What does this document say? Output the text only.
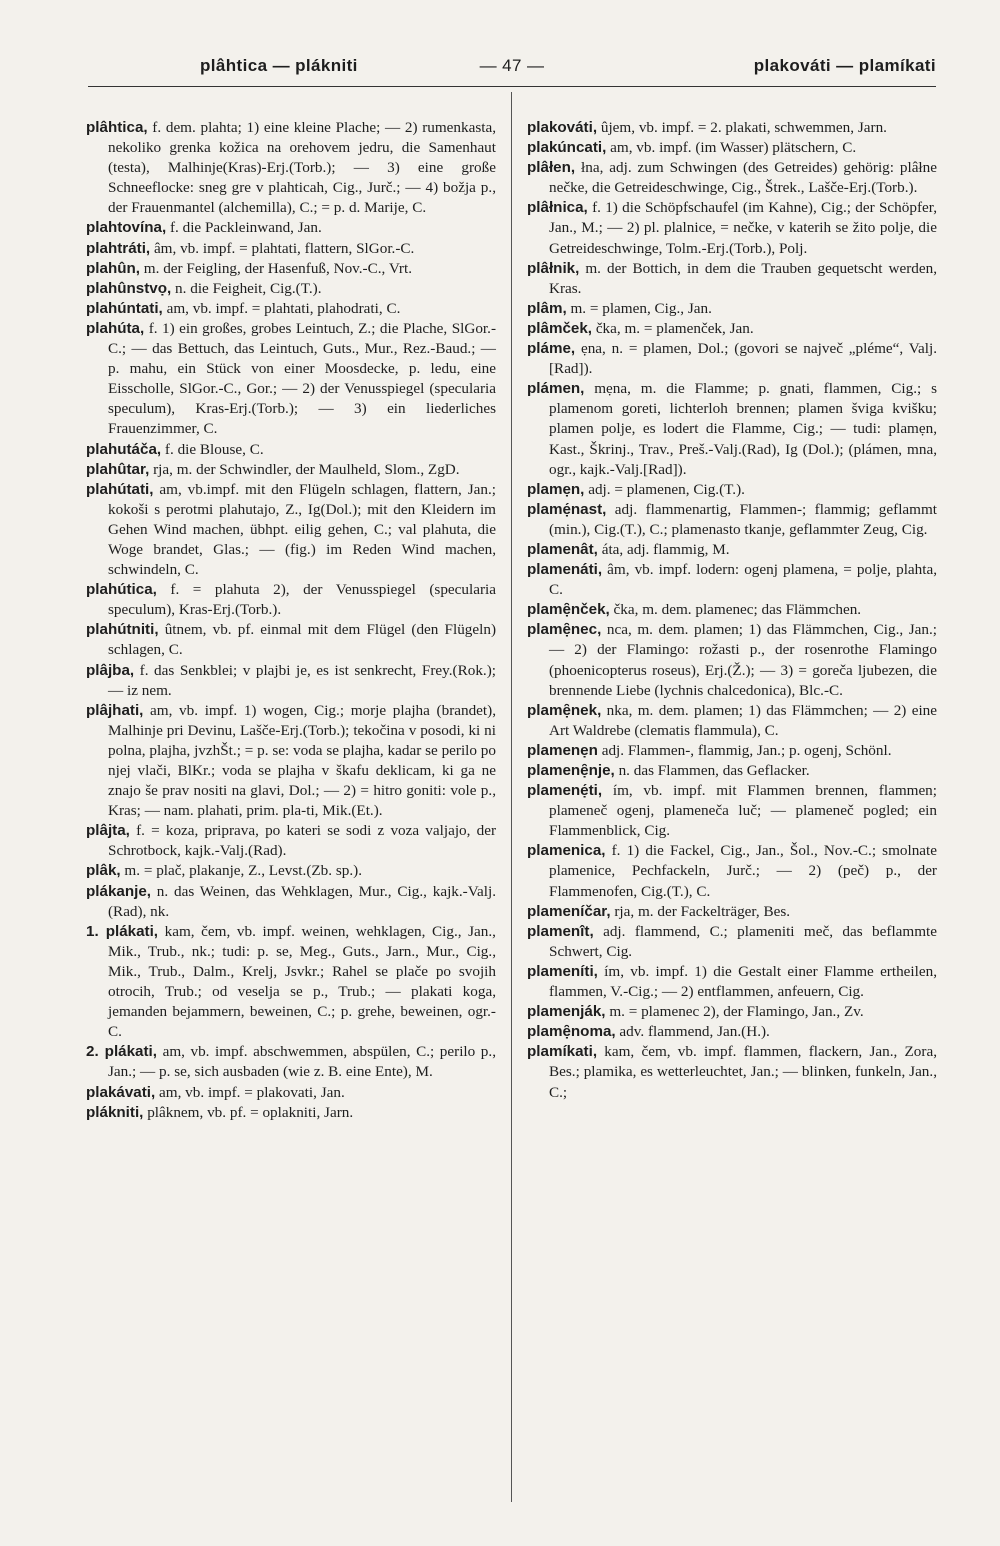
plâhtica — plákniti	— 47 —	plakováti — plamíkati

plâhtica, f. dem. plahta; 1) eine kleine Plache; — 2) rumenkasta, nekoliko grenka kožica na orehovem jedru, die Samenhaut (testa), Malhinje(Kras)-Erj.(Torb.); — 3) eine große Schneeflocke: sneg gre v plahticah, Cig., Jurč.; — 4) božja p., der Frauenmantel (alchemilla), C.; = p. d. Marije, C.

plahtovína, f. die Packleinwand, Jan.

plahtráti, âm, vb. impf. = plahtati, flattern, SlGor.-C.

plahûn, m. der Feigling, der Hasenfuß, Nov.-C., Vrt.

plahûnstvọ, n. die Feigheit, Cig.(T.).

plahúntati, am, vb. impf. = plahtati, plahodrati, C.

plahúta, f. 1) ein großes, grobes Leintuch, Z.; die Plache, SlGor.-C.; — das Bettuch, das Leintuch, Guts., Mur., Rez.-Baud.; — p. mahu, ein Stück von einer Moosdecke, p. ledu, eine Eisscholle, SlGor.-C., Gor.; — 2) der Venusspiegel (specularia speculum), Kras-Erj.(Torb.); — 3) ein liederliches Frauenzimmer, C.

plahutáča, f. die Blouse, C.

plahûtar, rja, m. der Schwindler, der Maulheld, Slom., ZgD.

plahútati, am, vb.impf. mit den Flügeln schlagen, flattern, Jan.; kokoši s perotmi plahutajo, Z., Ig(Dol.); mit den Kleidern im Gehen Wind machen, übhpt. eilig gehen, C.; val plahuta, die Woge brandet, Glas.; — (fig.) im Reden Wind machen, schwindeln, C.

plahútica, f. = plahuta 2), der Venusspiegel (specularia speculum), Kras-Erj.(Torb.).

plahútniti, ûtnem, vb. pf. einmal mit dem Flügel (den Flügeln) schlagen, C.

plâjba, f. das Senkblei; v plajbi je, es ist senkrecht, Frey.(Rok.); — iz nem.

plâjhati, am, vb. impf. 1) wogen, Cig.; morje plajha (brandet), Malhinje pri Devinu, Lašče-Erj.(Torb.); tekočina v posodi, ki ni polna, plajha, jvzhŠt.; = p. se: voda se plajha, kadar se perilo po njej vlači, BlKr.; voda se plajha v škafu deklicam, ki ga ne znajo še prav nositi na glavi, Dol.; — 2) = hitro goniti: vole p., Kras; — nam. plahati, prim. pla-ti, Mik.(Et.).

plâjta, f. = koza, priprava, po kateri se sodi z voza valjajo, der Schrotbock, kajk.-Valj.(Rad).

plâk, m. = plač, plakanje, Z., Levst.(Zb. sp.).

plákanje, n. das Weinen, das Wehklagen, Mur., Cig., kajk.-Valj.(Rad), nk.

1. plákati, kam, čem, vb. impf. weinen, wehklagen, Cig., Jan., Mik., Trub., nk.; tudi: p. se, Meg., Guts., Jarn., Mur., Cig., Mik., Trub., Dalm., Krelj, Jsvkr.; Rahel se plače po svojih otrocih, Trub.; od veselja se p., Trub.; — plakati koga, jemanden bejammern, beweinen, C.; p. grehe, beweinen, ogr.-C.

2. plákati, am, vb. impf. abschwemmen, abspülen, C.; perilo p., Jan.; — p. se, sich ausbaden (wie z. B. eine Ente), M.

plakávati, am, vb. impf. = plakovati, Jan.

plákniti, plâknem, vb. pf. = oplakniti, Jarn.

plakováti, ûjem, vb. impf. = 2. plakati, schwemmen, Jarn.

plakúncati, am, vb. impf. (im Wasser) plätschern, C.

plâłen, łna, adj. zum Schwingen (des Getreides) gehörig: plâłne nečke, die Getreideschwinge, Cig., Štrek., Lašče-Erj.(Torb.).

plâłnica, f. 1) die Schöpfschaufel (im Kahne), Cig.; der Schöpfer, Jan., M.; — 2) pl. plalnice, = nečke, v katerih se žito polje, die Getreideschwinge, Tolm.-Erj.(Torb.), Polj.

plâłnik, m. der Bottich, in dem die Trauben gequetscht werden, Kras.

plâm, m. = plamen, Cig., Jan.

plâmček, čka, m. = plamenček, Jan.

pláme, ẹna, n. = plamen, Dol.; (govori se največ „pléme“, Valj.[Rad]).

plámen, mẹna, m. die Flamme; p. gnati, flammen, Cig.; s plamenom goreti, lichterloh brennen; plamen šviga kvišku; plamen polje, es lodert die Flamme, Cig.; — tudi: plamẹn, Kast., Škrinj., Trav., Preš.-Valj.(Rad), Ig (Dol.); (plámen, mna, ogr., kajk.-Valj.[Rad]).

plamẹn, adj. = plamenen, Cig.(T.).

plamẹ́nast, adj. flammenartig, Flammen-; flammig; geflammt (min.), Cig.(T.), C.; plamenasto tkanje, geflammter Zeug, Cig.

plamenât, áta, adj. flammig, M.

plamenáti, âm, vb. impf. lodern: ogenj plamena, = polje, plahta, C.

plamẹ̑nček, čka, m. dem. plamenec; das Flämmchen.

plamẹ̑nec, nca, m. dem. plamen; 1) das Flämmchen, Cig., Jan.; — 2) der Flamingo: rožasti p., der rosenrothe Flamingo (phoenicopterus roseus), Erj.(Ž.); — 3) = goreča ljubezen, die brennende Liebe (lychnis chalcedonica), Blc.-C.

plamẹ̑nek, nka, m. dem. plamen; 1) das Flämmchen; — 2) eine Art Waldrebe (clematis flammula), C.

plamenẹn adj. Flammen-, flammig, Jan.; p. ogenj, Schönl.

plamenẹ̑nje, n. das Flammen, das Geflacker.

plamenẹ́ti, ím, vb. impf. mit Flammen brennen, flammen; plameneč ogenj, plameneča luč; — plameneč pogled; ein Flammenblick, Cig.

plamenica, f. 1) die Fackel, Cig., Jan., Šol., Nov.-C.; smolnate plamenice, Pechfackeln, Jurč.; — 2) (peč) p., der Flammenofen, Cig.(T.), C.

plameníčar, rja, m. der Fackelträger, Bes.

plamenît, adj. flammend, C.; plameniti meč, das beflammte Schwert, Cig.

plameníti, ím, vb. impf. 1) die Gestalt einer Flamme ertheilen, flammen, V.-Cig.; — 2) entflammen, anfeuern, Cig.

plamenják, m. = plamenec 2), der Flamingo, Jan., Zv.

plamẹ̑noma, adv. flammend, Jan.(H.).

plamíkati, kam, čem, vb. impf. flammen, flackern, Jan., Zora, Bes.; plamika, es wetterleuchtet, Jan.; — blinken, funkeln, Jan., C.;
